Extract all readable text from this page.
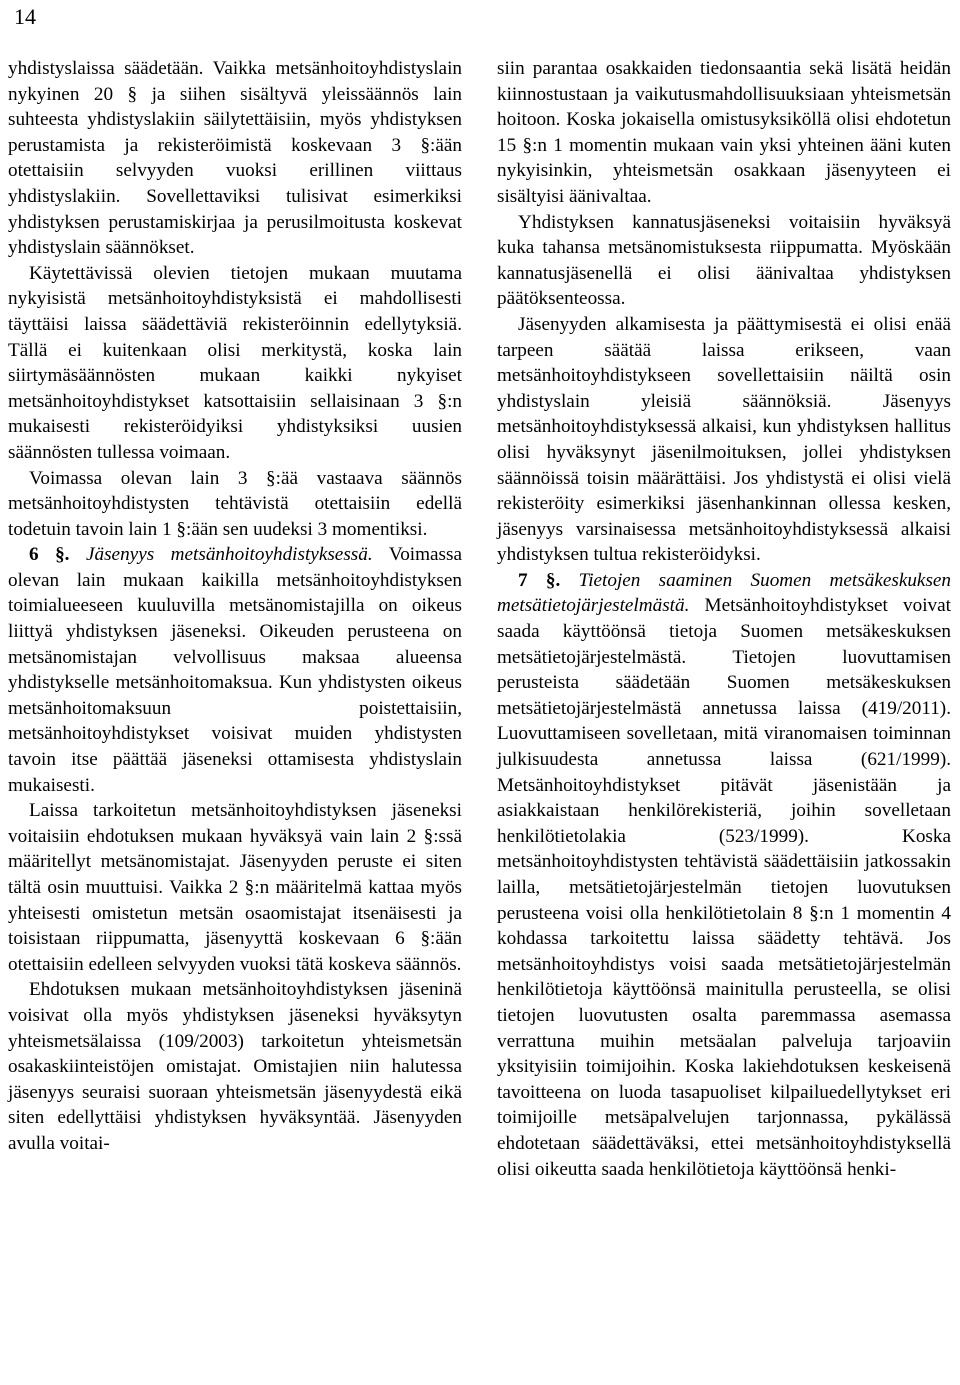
14

yhdistyslaissa säädetään. Vaikka metsänhoitoyhdistyslain nykyinen 20 § ja siihen sisältyvä yleissäännös lain suhteesta yhdistyslakiin säilytettäisiin, myös yhdistyksen perustamista ja rekisteröimistä koskevaan 3 §:ään otettaisiin selvyyden vuoksi erillinen viittaus yhdistyslakiin. Sovellettaviksi tulisivat esimerkiksi yhdistyksen perustamiskirjaa ja perusilmoitusta koskevat yhdistyslain säännökset.

Käytettävissä olevien tietojen mukaan muutama nykyisistä metsänhoitoyhdistyksistä ei mahdollisesti täyttäisi laissa säädettäviä rekisteröinnin edellytyksiä. Tällä ei kuitenkaan olisi merkitystä, koska lain siirtymäsäännösten mukaan kaikki nykyiset metsänhoitoyhdistykset katsottaisiin sellaisinaan 3 §:n mukaisesti rekisteröidyiksi yhdistyksiksi uusien säännösten tullessa voimaan.

Voimassa olevan lain 3 §:ää vastaava säännös metsänhoitoyhdistysten tehtävistä otettaisiin edellä todetuin tavoin lain 1 §:ään sen uudeksi 3 momentiksi.

6 §. Jäsenyys metsänhoitoyhdistyksessä. Voimassa olevan lain mukaan kaikilla metsänhoitoyhdistyksen toimialueeseen kuuluvilla metsänomistajilla on oikeus liittyä yhdistyksen jäseneksi. Oikeuden perusteena on metsänomistajan velvollisuus maksaa alueensa yhdistykselle metsänhoitomaksua. Kun yhdistysten oikeus metsänhoitomaksuun poistettaisiin, metsänhoitoyhdistykset voisivat muiden yhdistysten tavoin itse päättää jäseneksi ottamisesta yhdistyslain mukaisesti.

Laissa tarkoitetun metsänhoitoyhdistyksen jäseneksi voitaisiin ehdotuksen mukaan hyväksyä vain lain 2 §:ssä määritellyt metsänomistajat. Jäsenyyden peruste ei siten tältä osin muuttuisi. Vaikka 2 §:n määritelmä kattaa myös yhteisesti omistetun metsän osaomistajat itsenäisesti ja toisistaan riippumatta, jäsenyyttä koskevaan 6 §:ään otettaisiin edelleen selvyyden vuoksi tätä koskeva säännös.

Ehdotuksen mukaan metsänhoitoyhdistyksen jäseninä voisivat olla myös yhdistyksen jäseneksi hyväksytyn yhteismetsälaissa (109/2003) tarkoitetun yhteismetsän osakaskiinteistöjen omistajat. Omistajien niin halutessa jäsenyys seuraisi suoraan yhteismetsän jäsenyydestä eikä siten edellyttäisi yhdistyksen hyväksyntää. Jäsenyyden avulla voitai-

siin parantaa osakkaiden tiedonsaantia sekä lisätä heidän kiinnostustaan ja vaikutusmahdollisuuksiaan yhteismetsän hoitoon. Koska jokaisella omistusyksiköllä olisi ehdotetun 15 §:n 1 momentin mukaan vain yksi yhteinen ääni kuten nykyisinkin, yhteismetsän osakkaan jäsenyyteen ei sisältyisi äänivaltaa.

Yhdistyksen kannatusjäseneksi voitaisiin hyväksyä kuka tahansa metsänomistuksesta riippumatta. Myöskään kannatusjäsenellä ei olisi äänivaltaa yhdistyksen päätöksenteossa.

Jäsenyyden alkamisesta ja päättymisestä ei olisi enää tarpeen säätää laissa erikseen, vaan metsänhoitoyhdistykseen sovellettaisiin näiltä osin yhdistyslain yleisiä säännöksiä. Jäsenyys metsänhoitoyhdistyksessä alkaisi, kun yhdistyksen hallitus olisi hyväksynyt jäsenilmoituksen, jollei yhdistyksen säännöissä toisin määrättäisi. Jos yhdistystä ei olisi vielä rekisteröity esimerkiksi jäsenhankinnan ollessa kesken, jäsenyys varsinaisessa metsänhoitoyhdistyksessä alkaisi yhdistyksen tultua rekisteröidyksi.

7 §. Tietojen saaminen Suomen metsäkeskuksen metsätietojärjestelmästä. Metsänhoitoyhdistykset voivat saada käyttöönsä tietoja Suomen metsäkeskuksen metsätietojärjestelmästä. Tietojen luovuttamisen perusteista säädetään Suomen metsäkeskuksen metsätietojärjestelmästä annetussa laissa (419/2011). Luovuttamiseen sovelletaan, mitä viranomaisen toiminnan julkisuudesta annetussa laissa (621/1999). Metsänhoitoyhdistykset pitävät jäsenistään ja asiakkaistaan henkilörekisteriä, joihin sovelletaan henkilötietolakia (523/1999). Koska metsänhoitoyhdistysten tehtävistä säädettäisiin jatkossakin lailla, metsätietojärjestelmän tietojen luovutuksen perusteena voisi olla henkilötietolain 8 §:n 1 momentin 4 kohdassa tarkoitettu laissa säädetty tehtävä. Jos metsänhoitoyhdistys voisi saada metsätietojärjestelmän henkilötietoja käyttöönsä mainitulla perusteella, se olisi tietojen luovutusten osalta paremmassa asemassa verrattuna muihin metsäalan palveluja tarjoaviin yksityisiin toimijoihin. Koska lakiehdotuksen keskeisenä tavoitteena on luoda tasapuoliset kilpailuedellytykset eri toimijoille metsäpalvelujen tarjonnassa, pykälässä ehdotetaan säädettäväksi, ettei metsänhoitoyhdistyksellä olisi oikeutta saada henkilötietoja käyttöönsä henki-
